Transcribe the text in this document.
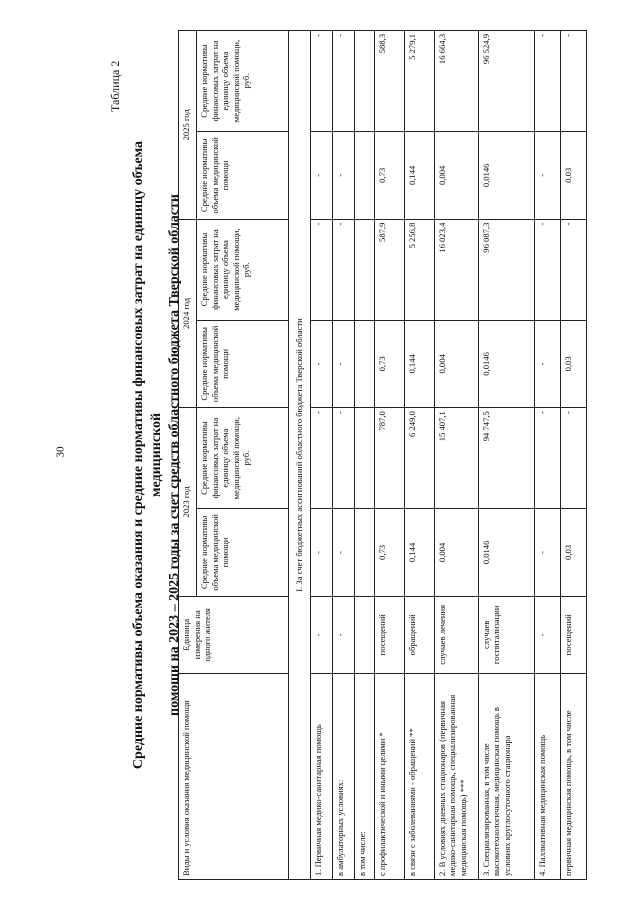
30
Таблица 2
Средние нормативы объема оказания и средние нормативы финансовых затрат на единицу объема медицинской помощи на 2023 – 2025 годы за счет средств областного бюджета Тверской области
Виды и условия оказания медицинской помощи	Единица измерения на одного жителя	2023 год		2024 год		2025 год	
		Средние нормативы объема медицинской помощи	Средние нормативы финансовых затрат на единицу объема медицинской помощи, руб.	Средние нормативы объема медицинской помощи	Средние нормативы финансовых затрат на единицу объема медицинской помощи, руб.	Средние нормативы объема медицинской помощи	Средние нормативы финансовых затрат на единицу объема медицинской помощи, руб.
I. За счет бюджетных ассигнований областного бюджета Тверской области							
1. Первичная медико-санитарная помощь	-	-	-	-	-	-	-
в амбулаторных условиях:	-	-	-	-	-	-	-
в том числе:							
с профилактической и иными целями *	посещений	0,73	787,0	0,73	587,9	0,73	588,3
в связи с заболеваниями - обращений **	обращений	0,144	6 249,0	0,144	5 256,8	0,144	5 279,1
2. В условиях дневных стационаров (первичная медико-санитарная помощь, специализированная медицинская помощь) ***	случаев лечения	0,004	15 407,1	0,004	16 023,4	0,004	16 664,3
3. Специализированная, в том числе высокотехнологичная, медицинская помощь в условиях круглосуточного стационара	случаев госпитализации	0,0146	94 747,5	0,0146	96 087,3	0,0146	96 524,9
4. Паллиативная медицинская помощь	-	-	-	-	-	-	-
первичная медицинская помощь, в том числе	посещений	0,03	-	0,03	-	0,03	-
